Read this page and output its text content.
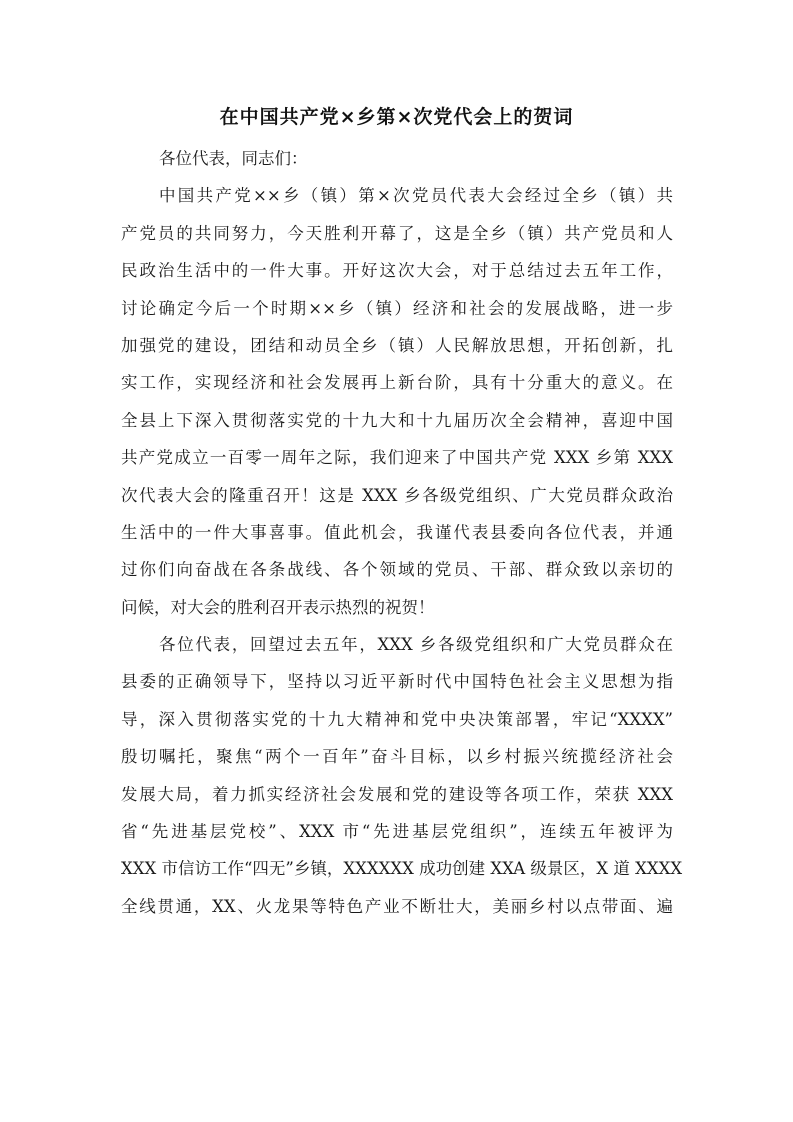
在中国共产党×乡第×次党代会上的贺词
各位代表，同志们：
中国共产党××乡（镇）第×次党员代表大会经过全乡（镇）共
产党员的共同努力，今天胜利开幕了，这是全乡（镇）共产党员和人
民政治生活中的一件大事。开好这次大会，对于总结过去五年工作，
讨论确定今后一个时期××乡（镇）经济和社会的发展战略，进一步
加强党的建设，团结和动员全乡（镇）人民解放思想，开拓创新，扎
实工作，实现经济和社会发展再上新台阶，具有十分重大的意义。在
全县上下深入贯彻落实党的十九大和十九届历次全会精神，喜迎中国
共产党成立一百零一周年之际，我们迎来了中国共产党 XXX 乡第 XXX
次代表大会的隆重召开！这是 XXX 乡各级党组织、广大党员群众政治
生活中的一件大事喜事。值此机会，我谨代表县委向各位代表，并通
过你们向奋战在各条战线、各个领域的党员、干部、群众致以亲切的
问候，对大会的胜利召开表示热烈的祝贺！
各位代表，回望过去五年，XXX 乡各级党组织和广大党员群众在
县委的正确领导下，坚持以习近平新时代中国特色社会主义思想为指
导，深入贯彻落实党的十九大精神和党中央决策部署，牢记“XXXX”
殷切嘱托，聚焦“两个一百年”奋斗目标，以乡村振兴统揽经济社会
发展大局，着力抓实经济社会发展和党的建设等各项工作，荣获 XXX
省“先进基层党校”、XXX 市“先进基层党组织”，连续五年被评为
XXX 市信访工作“四无”乡镇，XXXXXX 成功创建 XXA 级景区，X 道 XXXX
全线贯通，XX、火龙果等特色产业不断壮大，美丽乡村以点带面、遍
